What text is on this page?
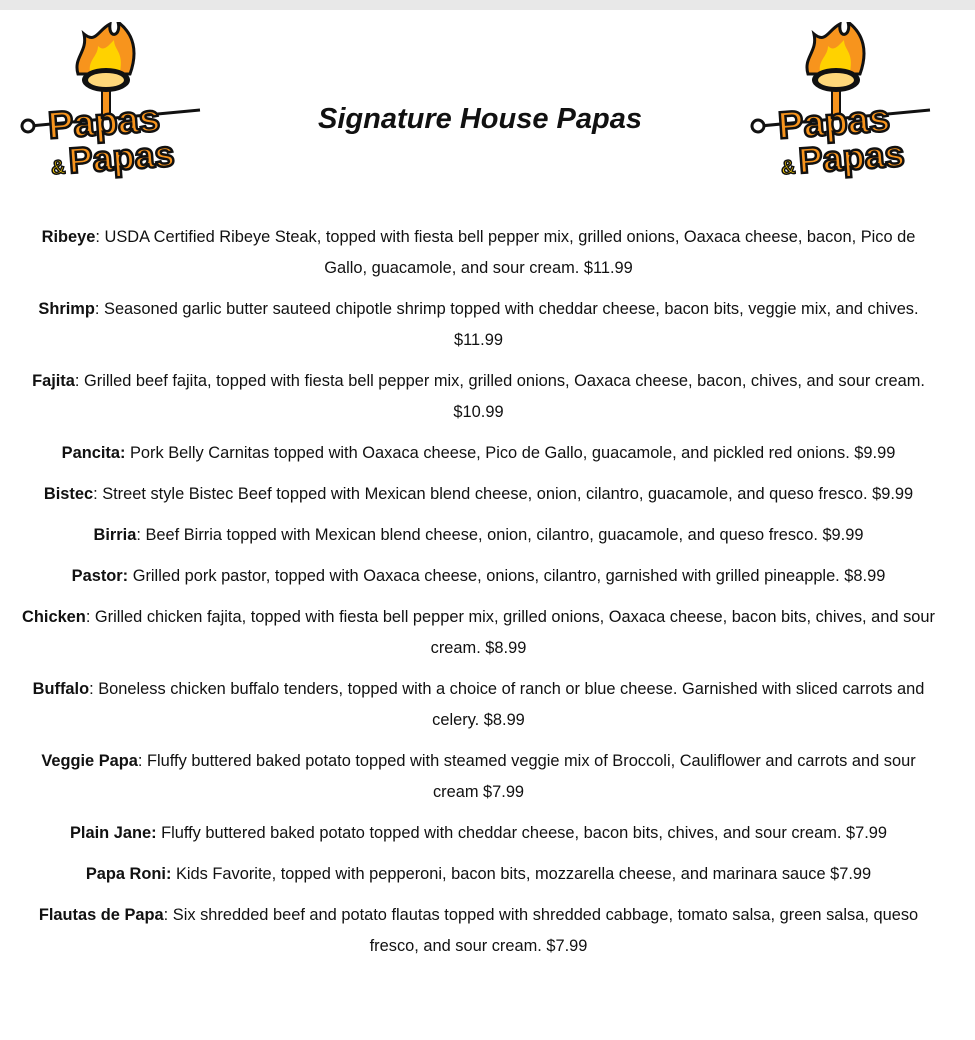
Papas
& Papas
Signature House Papas	Papas
& Papas

Ribeye: USDA Certified Ribeye Steak, topped with fiesta bell pepper mix, grilled onions, Oaxaca cheese, bacon, Pico de Gallo, guacamole, and sour cream. $11.99

Shrimp: Seasoned garlic butter sauteed chipotle shrimp topped with cheddar cheese, bacon bits, veggie mix, and chives. $11.99

Fajita: Grilled beef fajita, topped with fiesta bell pepper mix, grilled onions, Oaxaca cheese, bacon, chives, and sour cream. $10.99

Pancita: Pork Belly Carnitas topped with Oaxaca cheese, Pico de Gallo, guacamole, and pickled red onions. $9.99

Bistec: Street style Bistec Beef topped with Mexican blend cheese, onion, cilantro, guacamole, and queso fresco. $9.99

Birria: Beef Birria topped with Mexican blend cheese, onion, cilantro, guacamole, and queso fresco. $9.99

Pastor: Grilled pork pastor, topped with Oaxaca cheese, onions, cilantro, garnished with grilled pineapple. $8.99

Chicken: Grilled chicken fajita, topped with fiesta bell pepper mix, grilled onions, Oaxaca cheese, bacon bits, chives, and sour cream. $8.99

Buffalo: Boneless chicken buffalo tenders, topped with a choice of ranch or blue cheese. Garnished with sliced carrots and celery. $8.99

Veggie Papa: Fluffy buttered baked potato topped with steamed veggie mix of Broccoli, Cauliflower and carrots and sour cream $7.99

Plain Jane: Fluffy buttered baked potato topped with cheddar cheese, bacon bits, chives, and sour cream. $7.99

Papa Roni: Kids Favorite, topped with pepperoni, bacon bits, mozzarella cheese, and marinara sauce $7.99

Flautas de Papa: Six shredded beef and potato flautas topped with shredded cabbage, tomato salsa, green salsa, queso fresco, and sour cream. $7.99
